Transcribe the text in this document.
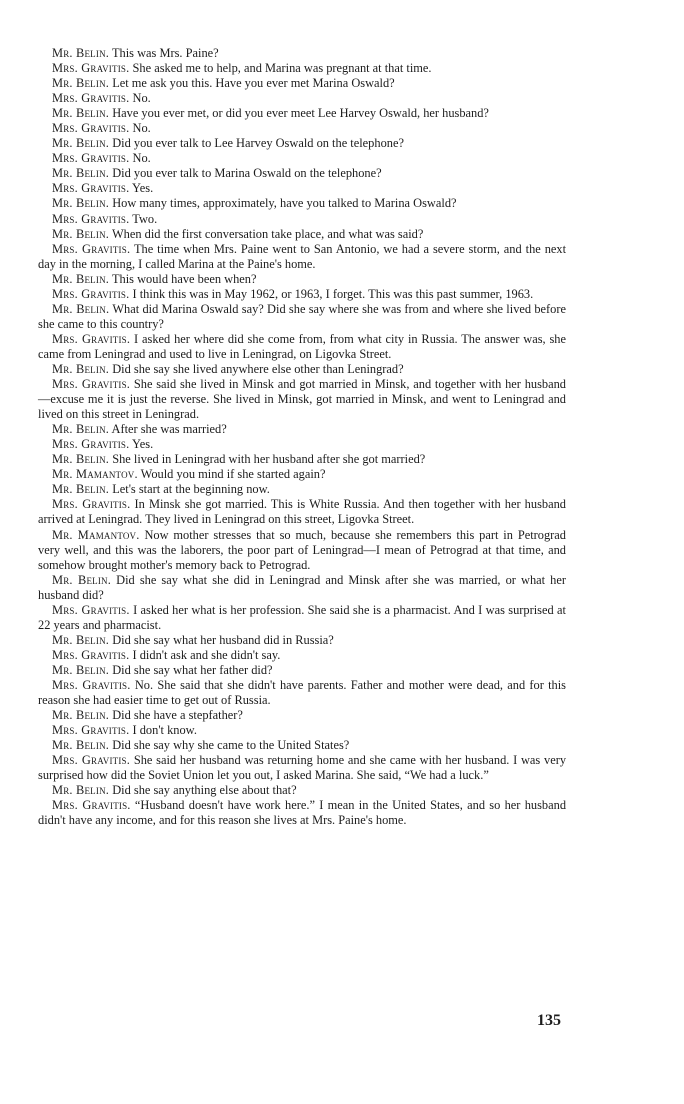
Mr. Belin. This was Mrs. Paine?

Mrs. Gravitis. She asked me to help, and Marina was pregnant at that time.

Mr. Belin. Let me ask you this. Have you ever met Marina Oswald?

Mrs. Gravitis. No.

Mr. Belin. Have you ever met, or did you ever meet Lee Harvey Oswald, her husband?

Mrs. Gravitis. No.

Mr. Belin. Did you ever talk to Lee Harvey Oswald on the telephone?

Mrs. Gravitis. No.

Mr. Belin. Did you ever talk to Marina Oswald on the telephone?

Mrs. Gravitis. Yes.

Mr. Belin. How many times, approximately, have you talked to Marina Oswald?

Mrs. Gravitis. Two.

Mr. Belin. When did the first conversation take place, and what was said?

Mrs. Gravitis. The time when Mrs. Paine went to San Antonio, we had a severe storm, and the next day in the morning, I called Marina at the Paine's home.

Mr. Belin. This would have been when?

Mrs. Gravitis. I think this was in May 1962, or 1963, I forget. This was this past summer, 1963.

Mr. Belin. What did Marina Oswald say? Did she say where she was from and where she lived before she came to this country?

Mrs. Gravitis. I asked her where did she come from, from what city in Russia. The answer was, she came from Leningrad and used to live in Leningrad, on Ligovka Street.

Mr. Belin. Did she say she lived anywhere else other than Leningrad?

Mrs. Gravitis. She said she lived in Minsk and got married in Minsk, and together with her husband—excuse me it is just the reverse. She lived in Minsk, got married in Minsk, and went to Leningrad and lived on this street in Leningrad.

Mr. Belin. After she was married?

Mrs. Gravitis. Yes.

Mr. Belin. She lived in Leningrad with her husband after she got married?

Mr. Mamantov. Would you mind if she started again?

Mr. Belin. Let's start at the beginning now.

Mrs. Gravitis. In Minsk she got married. This is White Russia. And then together with her husband arrived at Leningrad. They lived in Leningrad on this street, Ligovka Street.

Mr. Mamantov. Now mother stresses that so much, because she remembers this part in Petrograd very well, and this was the laborers, the poor part of Leningrad—I mean of Petrograd at that time, and somehow brought mother's memory back to Petrograd.

Mr. Belin. Did she say what she did in Leningrad and Minsk after she was married, or what her husband did?

Mrs. Gravitis. I asked her what is her profession. She said she is a pharmacist. And I was surprised at 22 years and pharmacist.

Mr. Belin. Did she say what her husband did in Russia?

Mrs. Gravitis. I didn't ask and she didn't say.

Mr. Belin. Did she say what her father did?

Mrs. Gravitis. No. She said that she didn't have parents. Father and mother were dead, and for this reason she had easier time to get out of Russia.

Mr. Belin. Did she have a stepfather?

Mrs. Gravitis. I don't know.

Mr. Belin. Did she say why she came to the United States?

Mrs. Gravitis. She said her husband was returning home and she came with her husband. I was very surprised how did the Soviet Union let you out, I asked Marina. She said, “We had a luck.”

Mr. Belin. Did she say anything else about that?

Mrs. Gravitis. “Husband doesn't have work here.” I mean in the United States, and so her husband didn't have any income, and for this reason she lives at Mrs. Paine's home.

135
